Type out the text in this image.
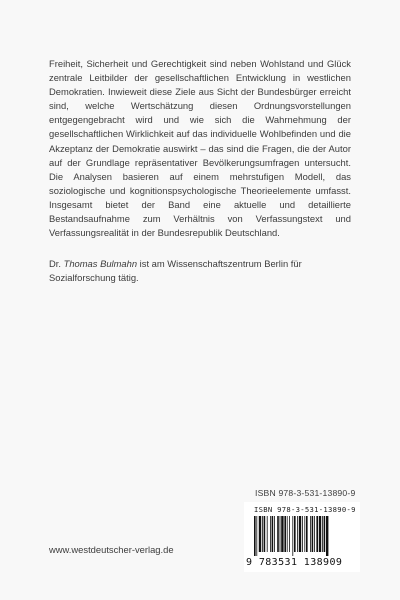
Freiheit, Sicherheit und Gerechtigkeit sind neben Wohlstand und Glück zentrale Leitbilder der gesellschaftlichen Entwicklung in westlichen Demokratien. Inwieweit diese Ziele aus Sicht der Bundesbürger erreicht sind, welche Wertschätzung diesen Ordnungsvorstellungen entgegengebracht wird und wie sich die Wahrnehmung der gesellschaftlichen Wirklichkeit auf das individuelle Wohlbefinden und die Akzeptanz der Demokratie auswirkt – das sind die Fragen, die der Autor auf der Grundlage repräsentativer Bevölkerungsumfragen untersucht. Die Analysen basieren auf einem mehrstufigen Modell, das soziologische und kognitionspsychologische Theorieelemente umfasst. Insgesamt bietet der Band eine aktuelle und detaillierte Bestandsaufnahme zum Verhältnis von Verfassungstext und Verfassungsrealität in der Bundesrepublik Deutschland.

Dr. Thomas Bulmahn ist am Wissenschaftszentrum Berlin für Sozialforschung tätig.

ISBN 978-3-531-13890-9
ISBN 978-3-531-13890-9
9 783531 138909
www.westdeutscher-verlag.de
